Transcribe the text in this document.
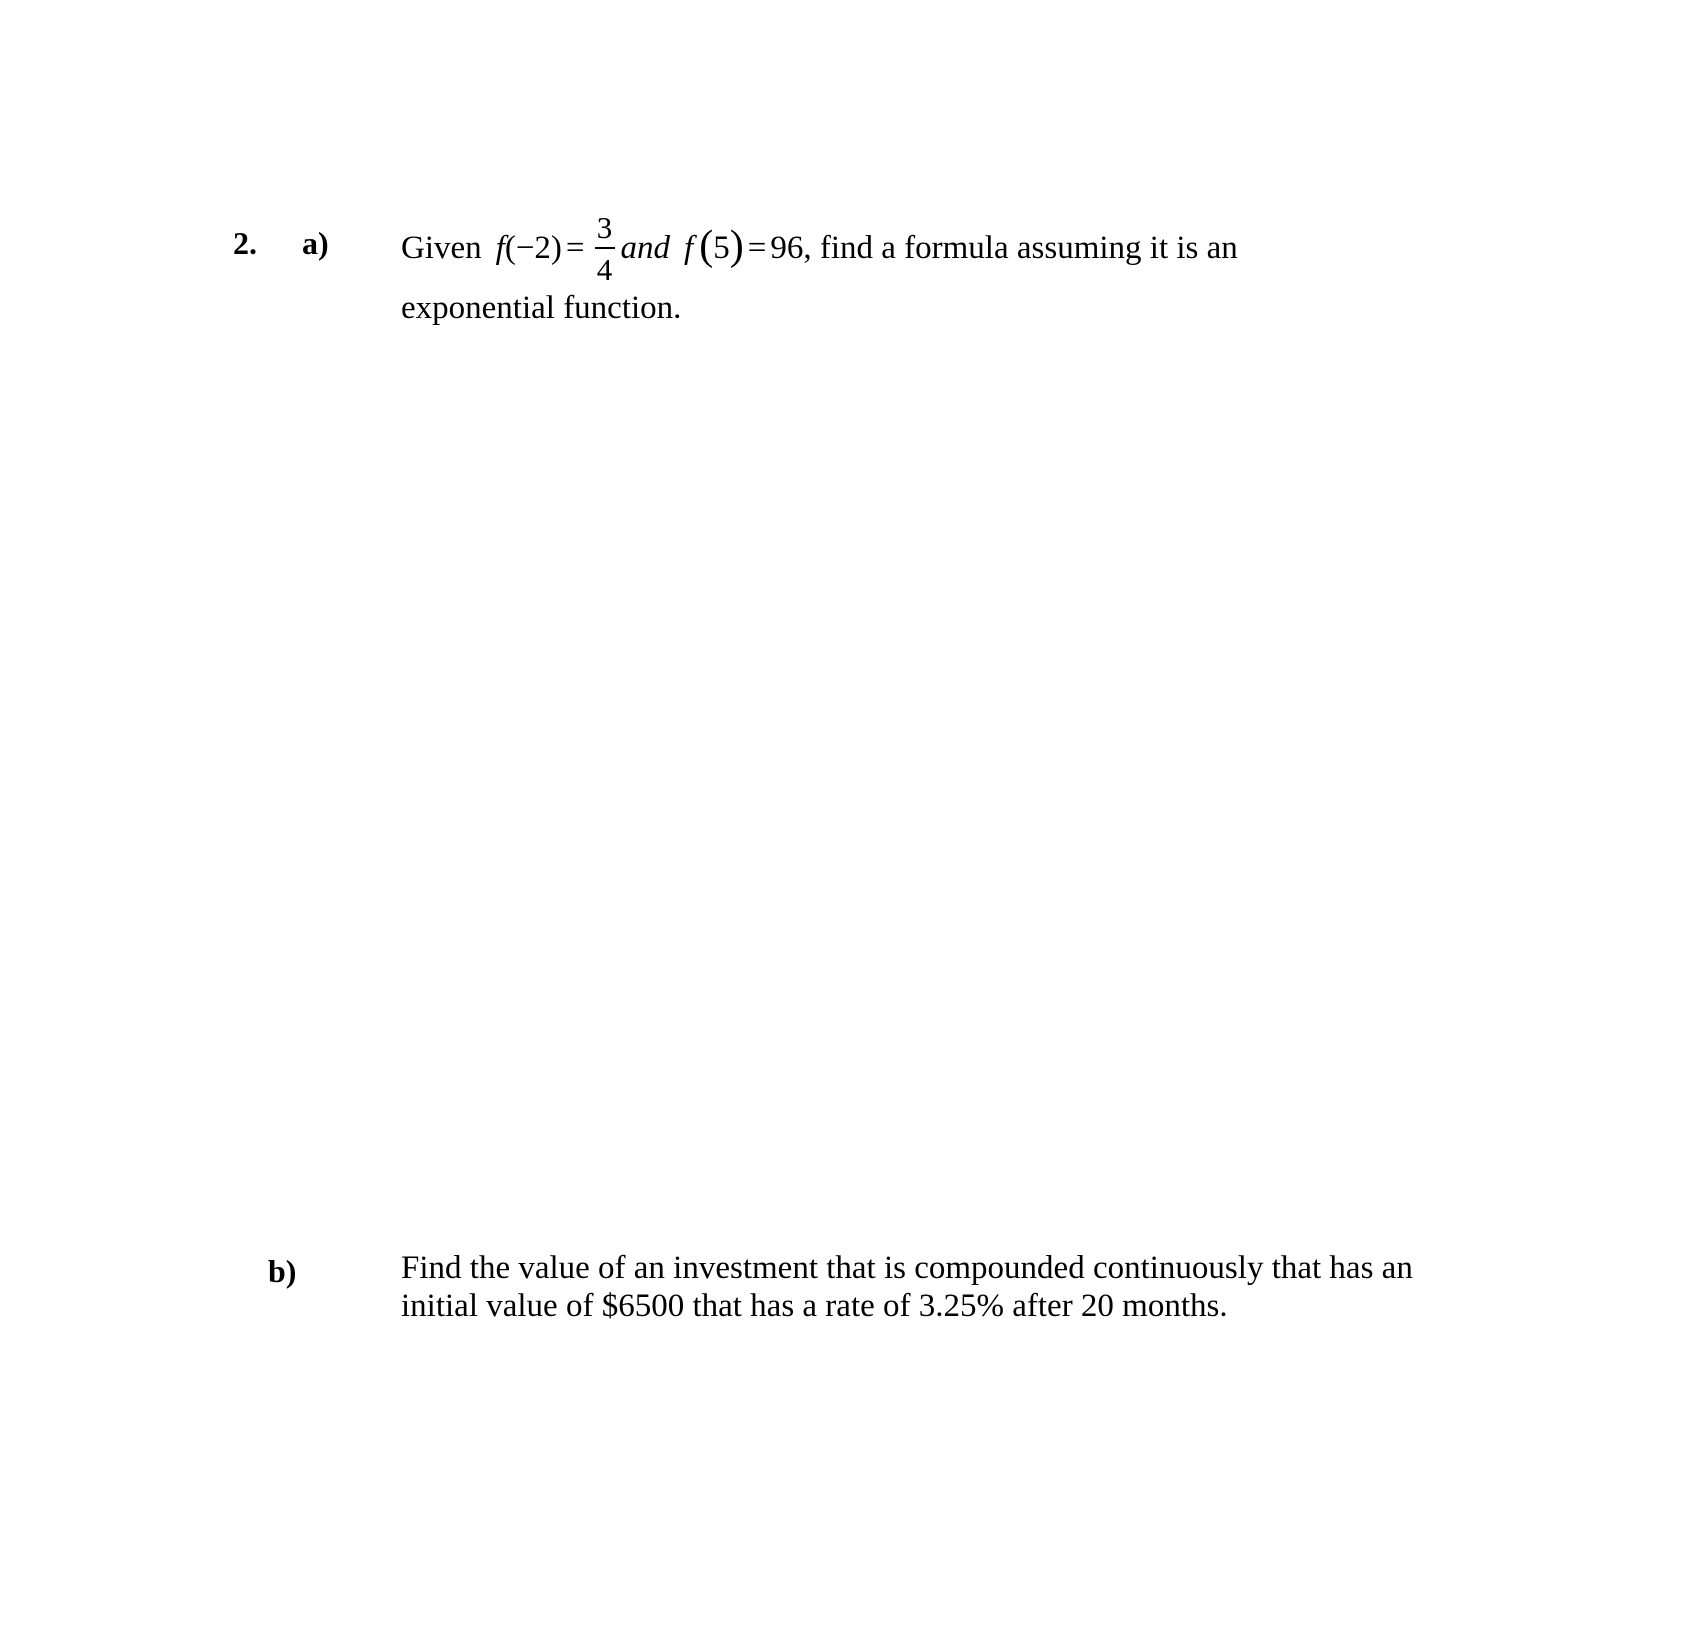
2. a) Given f $(-2) = \frac{3}{4}$ and f ( 5 ) = 96 , find a formula assuming it is an
exponential function.
b)	Find the value of an investment that is compounded continuously that has an
initial value of $6500 that has a rate of 3.25% after 20 months.
